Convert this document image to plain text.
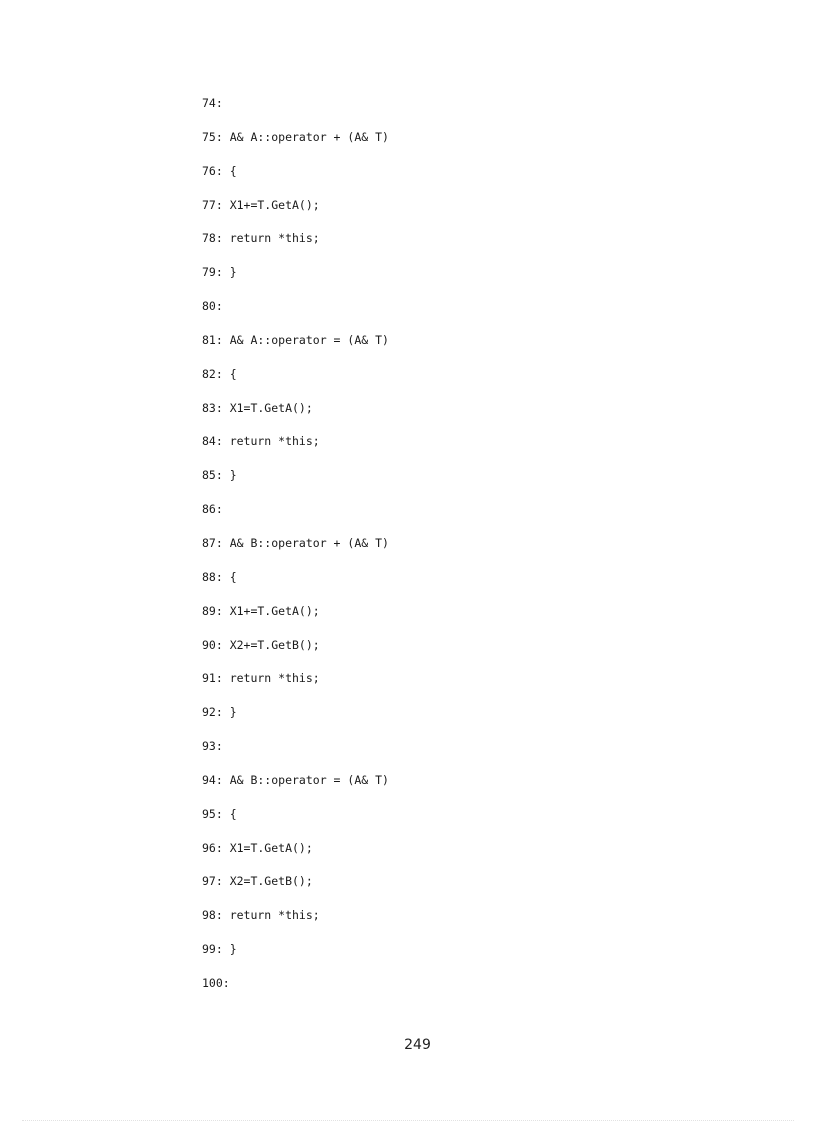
74:
75: A& A::operator + (A& T)
76: {
77: X1+=T.GetA();
78: return *this;
79: }
80:
81: A& A::operator = (A& T)
82: {
83: X1=T.GetA();
84: return *this;
85: }
86:
87: A& B::operator + (A& T)
88: {
89: X1+=T.GetA();
90: X2+=T.GetB();
91: return *this;
92: }
93:
94: A& B::operator = (A& T)
95: {
96: X1=T.GetA();
97: X2=T.GetB();
98: return *this;
99: }
100:
249
